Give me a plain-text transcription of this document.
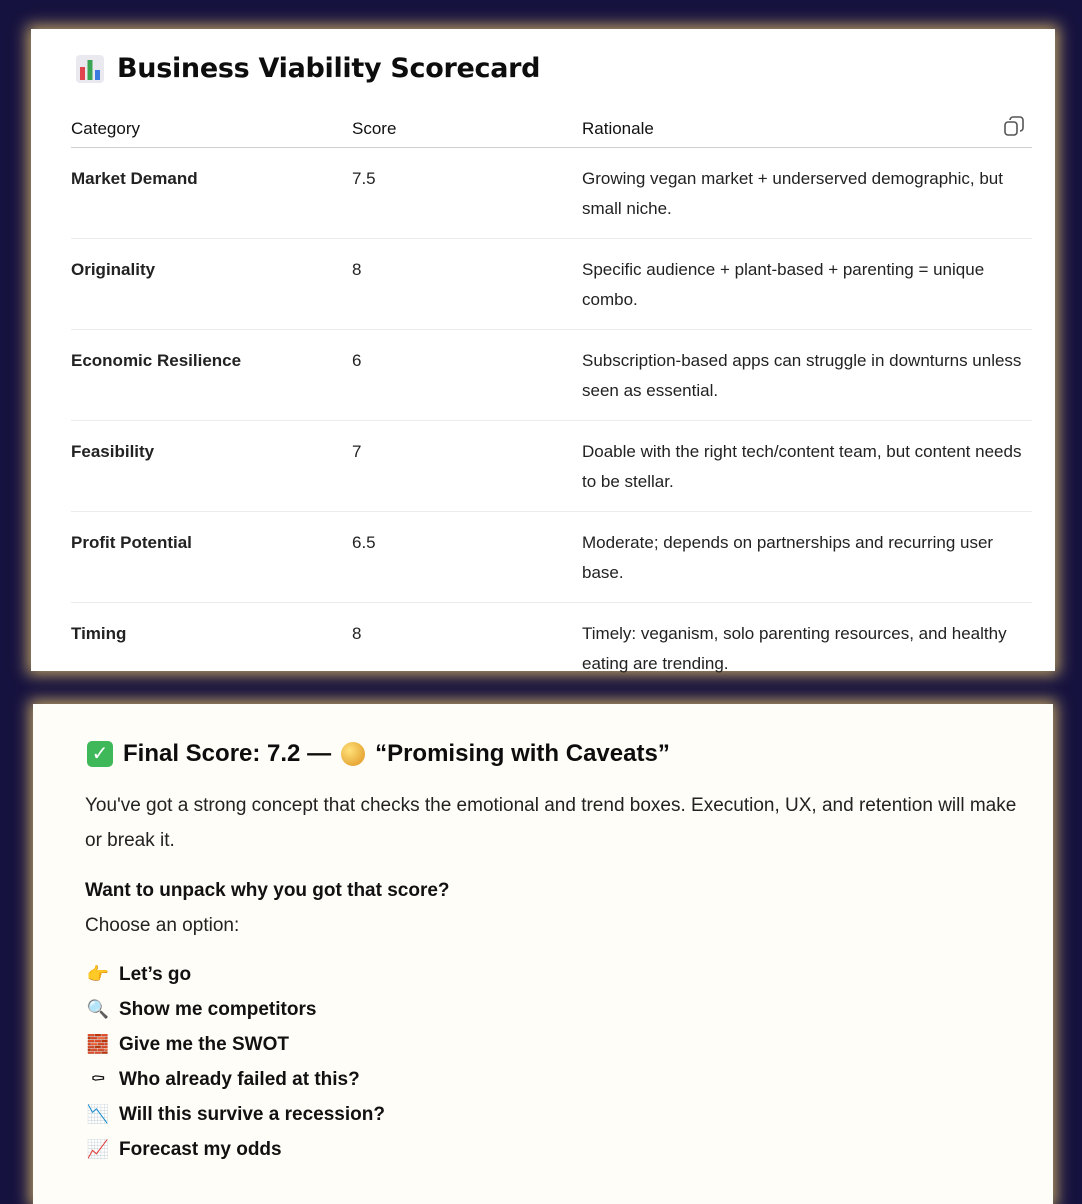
Business Viability Scorecard
Category	Score	Rationale
Market Demand	7.5	Growing vegan market + underserved demographic, but small niche.
Originality	8	Specific audience + plant-based + parenting = unique combo.
Economic Resilience	6	Subscription-based apps can struggle in downturns unless seen as essential.
Feasibility	7	Doable with the right tech/content team, but content needs to be stellar.
Profit Potential	6.5	Moderate; depends on partnerships and recurring user base.
Timing	8	Timely: veganism, solo parenting resources, and healthy eating are trending.
✓ Final Score: 7.2 — “Promising with Caveats”
You've got a strong concept that checks the emotional and trend boxes. Execution, UX, and retention will make or break it.
Want to unpack why you got that score?
Choose an option:
👉 Let’s go
🔍 Show me competitors
🧱 Give me the SWOT
⚰ Who already failed at this?
📉 Will this survive a recession?
📈 Forecast my odds
